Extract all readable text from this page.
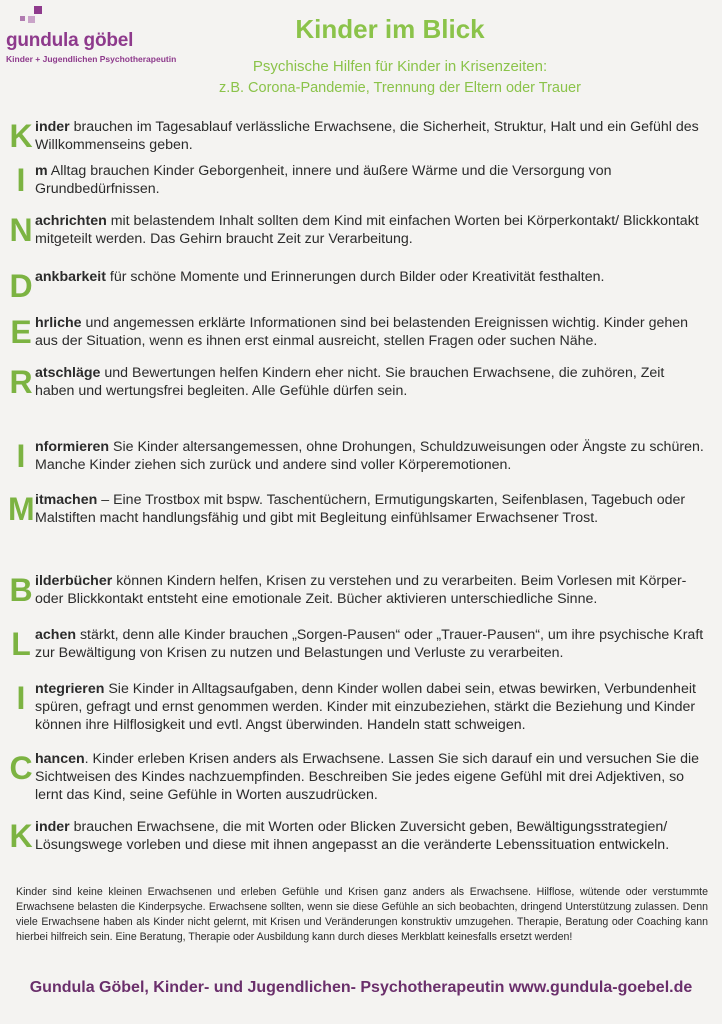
gundula göbel
Kinder + Jugendlichen Psychotherapeutin
Kinder im Blick
Psychische Hilfen für Kinder in Krisenzeiten:
z.B. Corona-Pandemie, Trennung der Eltern oder Trauer
K inder brauchen im Tagesablauf verlässliche Erwachsene, die Sicherheit, Struktur, Halt und ein Gefühl des Willkommenseins geben.
I m Alltag brauchen Kinder Geborgenheit, innere und äußere Wärme und die Versorgung von Grundbedürfnissen.
N achrichten mit belastendem Inhalt sollten dem Kind mit einfachen Worten bei Körperkontakt/ Blickkontakt mitgeteilt werden. Das Gehirn braucht Zeit zur Verarbeitung.
D ankbarkeit für schöne Momente und Erinnerungen durch Bilder oder Kreativität festhalten.
E hrliche und angemessen erklärte Informationen sind bei belastenden Ereignissen wichtig. Kinder gehen aus der Situation, wenn es ihnen erst einmal ausreicht, stellen Fragen oder suchen Nähe.
R atschläge und Bewertungen helfen Kindern eher nicht. Sie brauchen Erwachsene, die zuhören, Zeit haben und wertungsfrei begleiten. Alle Gefühle dürfen sein.
I nformieren Sie Kinder altersangemessen, ohne Drohungen, Schuldzuweisungen oder Ängste zu schüren. Manche Kinder ziehen sich zurück und andere sind voller Körperemotionen.
M itmachen – Eine Trostbox mit bspw. Taschentüchern, Ermutigungskarten, Seifenblasen, Tagebuch oder Malstiften macht handlungsfähig und gibt mit Begleitung einfühlsamer Erwachsener Trost.
B ilderbücher können Kindern helfen, Krisen zu verstehen und zu verarbeiten. Beim Vorlesen mit Körper-oder Blickkontakt entsteht eine emotionale Zeit. Bücher aktivieren unterschiedliche Sinne.
L achen stärkt, denn alle Kinder brauchen „Sorgen-Pausen“ oder „Trauer-Pausen“, um ihre psychische Kraft zur Bewältigung von Krisen zu nutzen und Belastungen und Verluste zu verarbeiten.
I ntegrieren Sie Kinder in Alltagsaufgaben, denn Kinder wollen dabei sein, etwas bewirken, Verbundenheit spüren, gefragt und ernst genommen werden. Kinder mit einzubeziehen, stärkt die Beziehung und Kinder können ihre Hilflosigkeit und evtl. Angst überwinden. Handeln statt schweigen.
C hancen. Kinder erleben Krisen anders als Erwachsene. Lassen Sie sich darauf ein und versuchen Sie die Sichtweisen des Kindes nachzuempfinden. Beschreiben Sie jedes eigene Gefühl mit drei Adjektiven, so lernt das Kind, seine Gefühle in Worten auszudrücken.
K inder brauchen Erwachsene, die mit Worten oder Blicken Zuversicht geben, Bewältigungsstrategien/ Lösungswege vorleben und diese mit ihnen angepasst an die veränderte Lebenssituation entwickeln.
Kinder sind keine kleinen Erwachsenen und erleben Gefühle und Krisen ganz anders als Erwachsene. Hilflose, wütende oder verstummte Erwachsene belasten die Kinderpsyche. Erwachsene sollten, wenn sie diese Gefühle an sich beobachten, dringend Unterstützung zulassen. Denn viele Erwachsene haben als Kinder nicht gelernt, mit Krisen und Veränderungen konstruktiv umzugehen. Therapie, Beratung oder Coaching kann hierbei hilfreich sein. Eine Beratung, Therapie oder Ausbildung kann durch dieses Merkblatt keinesfalls ersetzt werden!
Gundula Göbel, Kinder- und Jugendlichen- Psychotherapeutin www.gundula-goebel.de
